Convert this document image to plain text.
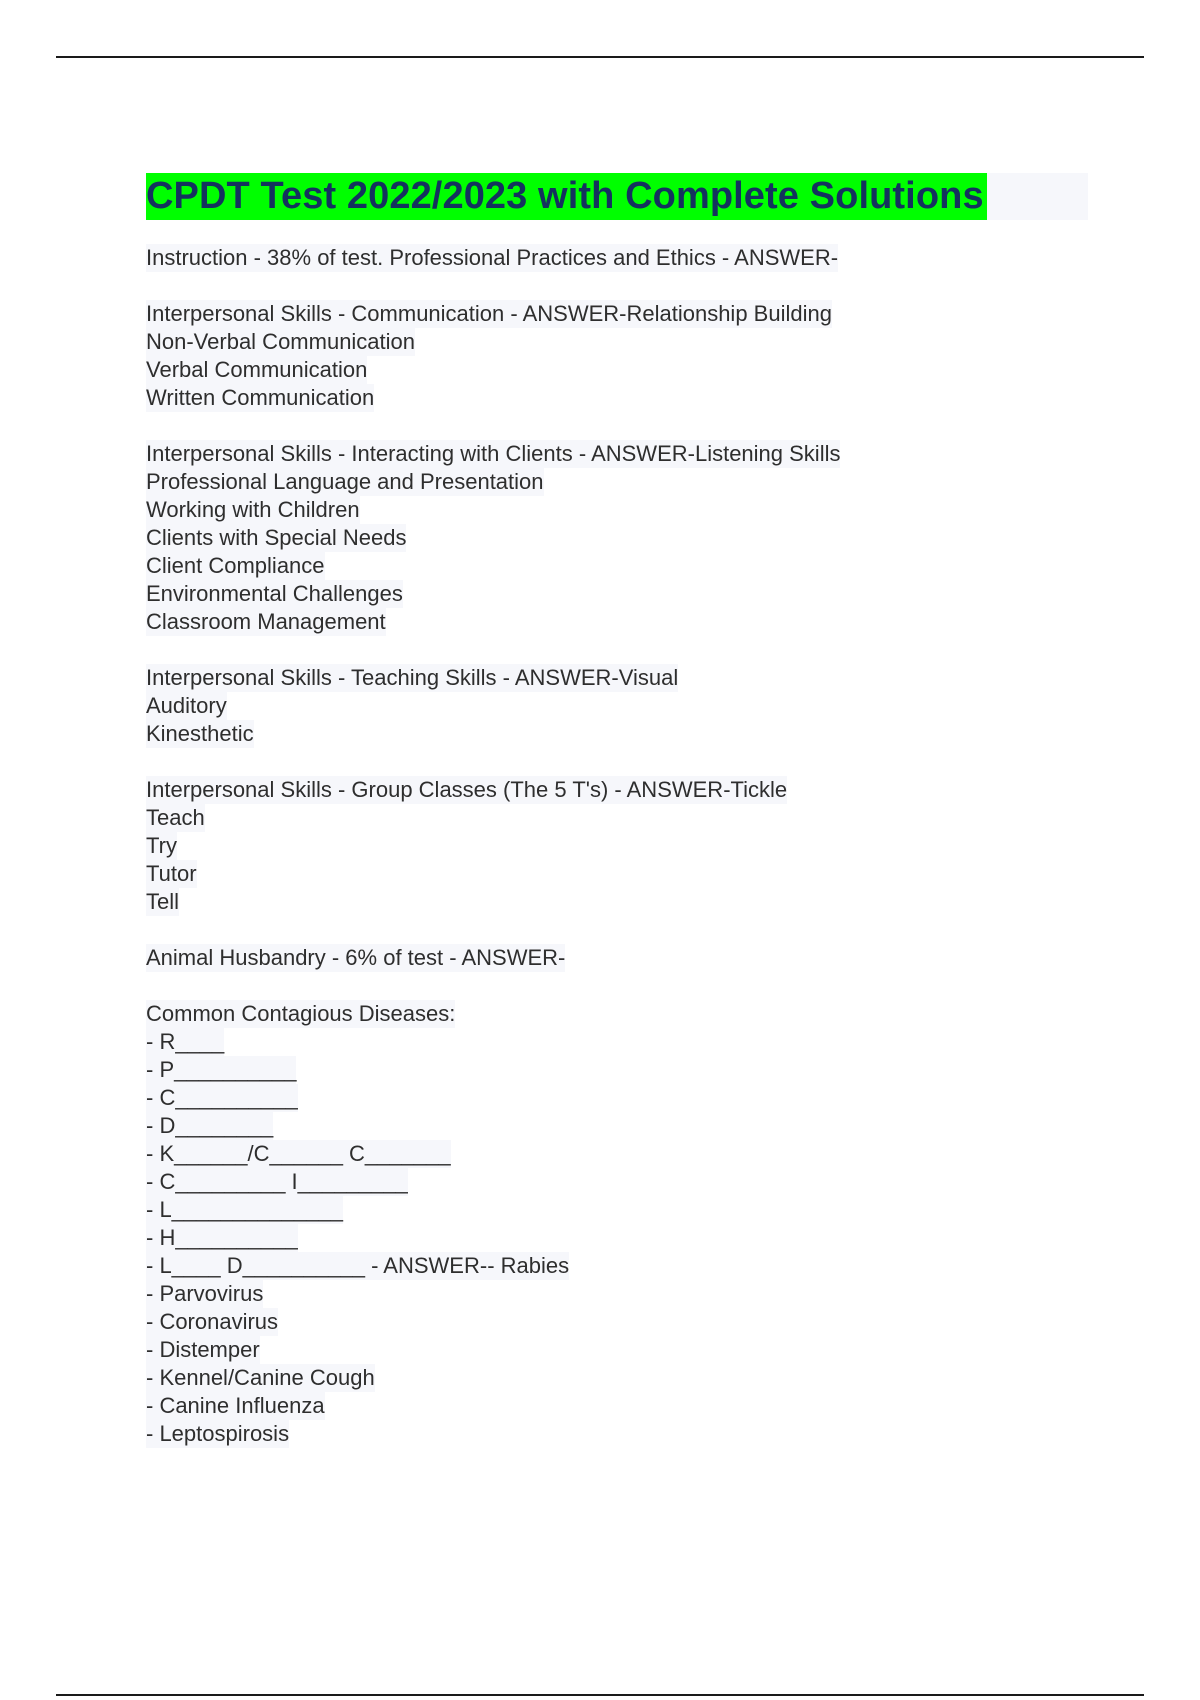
CPDT Test 2022/2023 with Complete Solutions
Instruction - 38% of test. Professional Practices and Ethics - ANSWER-
Interpersonal Skills - Communication - ANSWER-Relationship Building
Non-Verbal Communication
Verbal Communication
Written Communication
Interpersonal Skills - Interacting with Clients - ANSWER-Listening Skills
Professional Language and Presentation
Working with Children
Clients with Special Needs
Client Compliance
Environmental Challenges
Classroom Management
Interpersonal Skills - Teaching Skills - ANSWER-Visual
Auditory
Kinesthetic
Interpersonal Skills - Group Classes (The 5 T's) - ANSWER-Tickle
Teach
Try
Tutor
Tell
Animal Husbandry - 6% of test - ANSWER-
Common Contagious Diseases:
- R____
- P__________
- C__________
- D________
- K______/C______ C_______
- C_________ I_________
- L______________
- H__________
- L____ D__________ - ANSWER-- Rabies
- Parvovirus
- Coronavirus
- Distemper
- Kennel/Canine Cough
- Canine Influenza
- Leptospirosis
